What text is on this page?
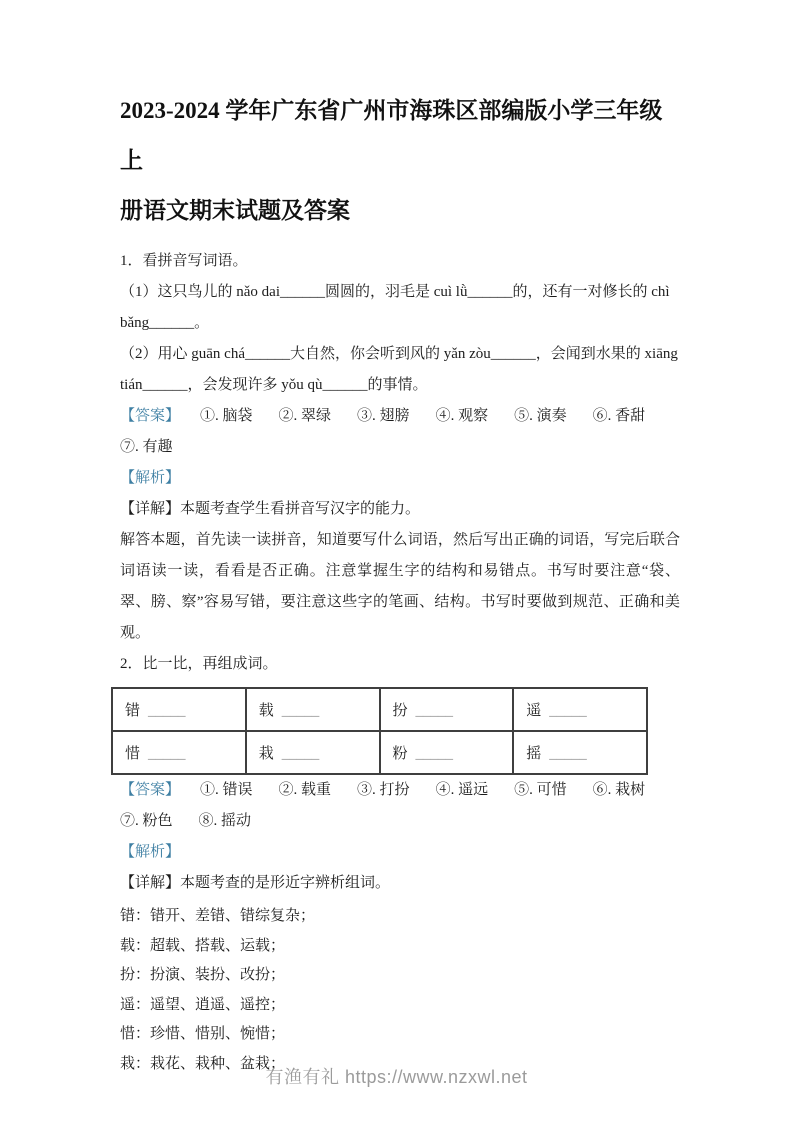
2023-2024 学年广东省广州市海珠区部编版小学三年级上
册语文期末试题及答案

1．看拼音写词语。

（1）这只鸟儿的 nǎo dai______圆圆的，羽毛是 cuì lǜ______的，还有一对修长的 chì

bǎng______。

（2）用心 guān chá______大自然，你会听到风的 yǎn zòu______，会闻到水果的 xiāng

tián______，会发现许多 yǒu qù______的事情。

【答案】 ①. 脑袋 ②. 翠绿 ③. 翅膀 ④. 观察 ⑤. 演奏 ⑥. 香甜

⑦. 有趣

【解析】

【详解】本题考查学生看拼音写汉字的能力。

解答本题，首先读一读拼音，知道要写什么词语，然后写出正确的词语，写完后联合词语读一读，看看是否正确。注意掌握生字的结构和易错点。书写时要注意“袋、翠、膀、察”容易写错，要注意这些字的笔画、结构。书写时要做到规范、正确和美观。

2．比一比，再组成词。

错 _____	载 _____	扮 _____	遥 _____
惜 _____	栽 _____	粉 _____	摇 _____

【答案】 ①. 错误 ②. 载重 ③. 打扮 ④. 遥远 ⑤. 可惜 ⑥. 栽树

⑦. 粉色 ⑧. 摇动

【解析】

【详解】本题考查的是形近字辨析组词。

错：错开、差错、错综复杂；

载：超载、搭载、运载；

扮：扮演、装扮、改扮；

遥：遥望、逍遥、遥控；

惜：珍惜、惜别、惋惜；

栽：栽花、栽种、盆栽；

有渔有礼 https://www.nzxwl.net
